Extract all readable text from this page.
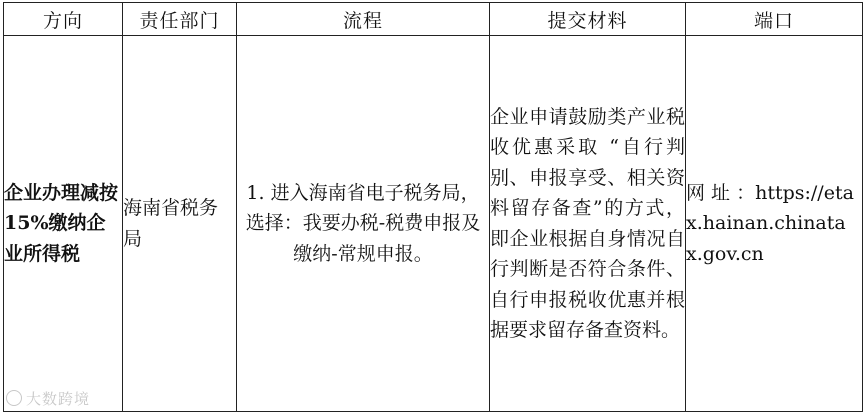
方向	责任部门	流程	提交材料	端口
企业办理减按15%缴纳企业所得税	海南省税务局	1. 进入海南省电子税务局，选择：我要办税-税费申报及缴纳-常规申报。	企业申请鼓励类产业税收优惠采取 “自行判别、申报享受、相关资料留存备查”的方式，即企业根据自身情况自行判断是否符合条件、自行申报税收优惠并根据要求留存备查资料。	网 址 ：https://etax.hainan.chinatax.gov.cn
大数跨境
